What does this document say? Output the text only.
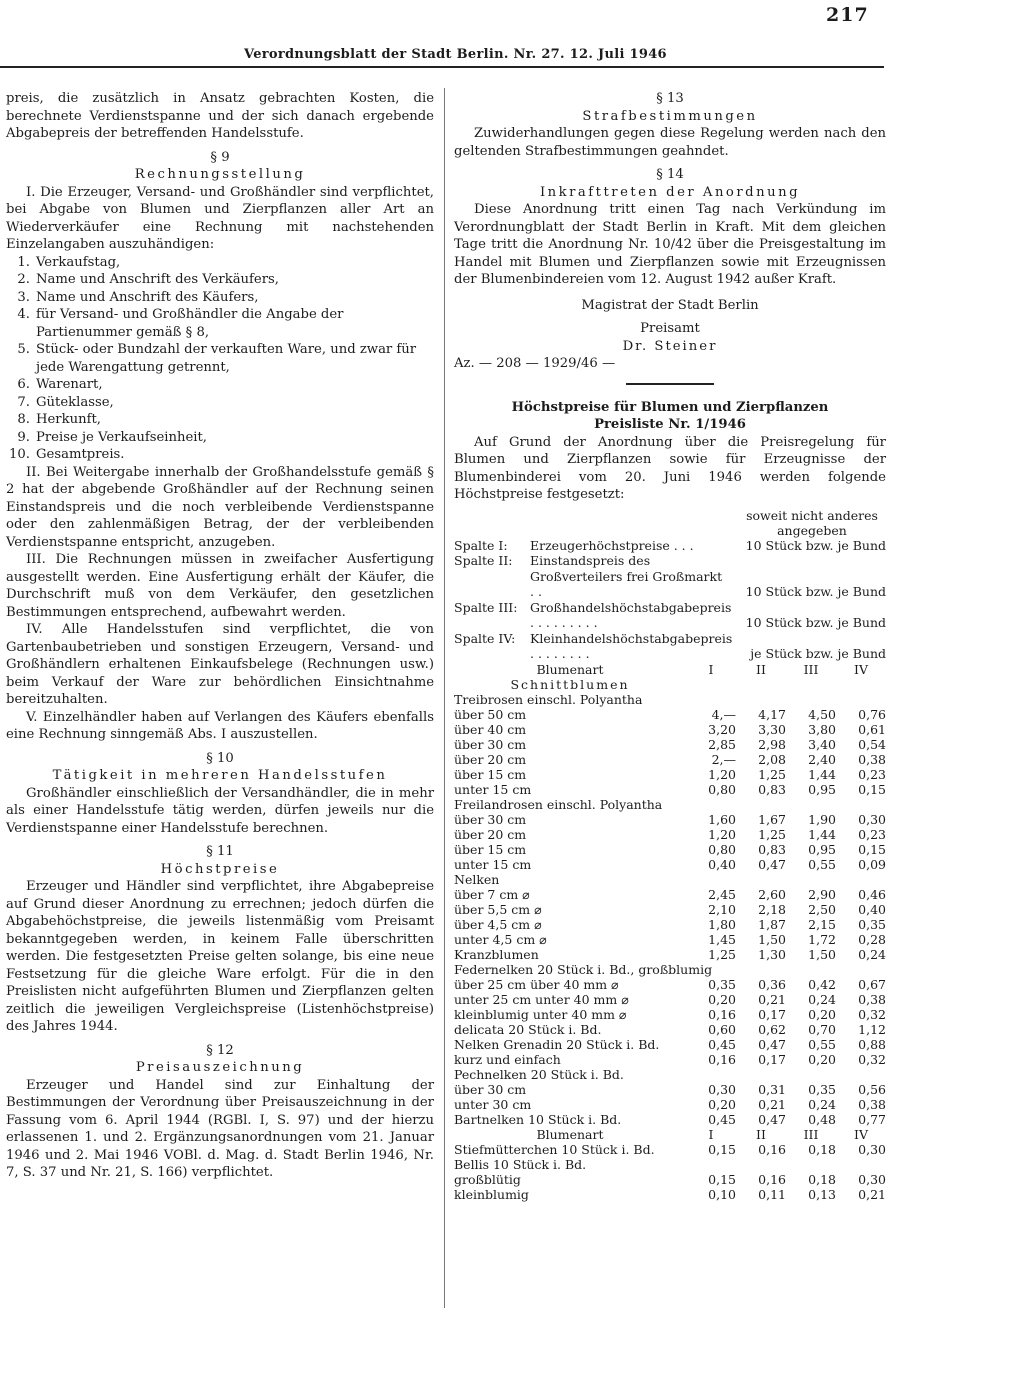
217
Verordnungsblatt der Stadt Berlin. Nr. 27. 12. Juli 1946

preis, die zusätzlich in Ansatz gebrachten Kosten, die berechnete Verdienstspanne und der sich danach ergebende Abgabepreis der betreffenden Handelsstufe.

§ 9

Rechnungsstellung

I. Die Erzeuger, Versand- und Großhändler sind verpflichtet, bei Abgabe von Blumen und Zierpflanzen aller Art an Wiederverkäufer eine Rechnung mit nachstehenden Einzelangaben auszuhändigen:

1. Verkaufstag,
2. Name und Anschrift des Verkäufers,
3. Name und Anschrift des Käufers,
4. für Versand- und Großhändler die Angabe der Partienummer gemäß § 8,
5. Stück- oder Bundzahl der verkauften Ware, und zwar für jede Warengattung getrennt,
6. Warenart,
7. Güteklasse,
8. Herkunft,
9. Preise je Verkaufseinheit,
10. Gesamtpreis.

II. Bei Weitergabe innerhalb der Großhandelsstufe gemäß § 2 hat der abgebende Großhändler auf der Rechnung seinen Einstandspreis und die noch verbleibende Verdienstspanne oder den zahlenmäßigen Betrag, der der verbleibenden Verdienstspanne entspricht, anzugeben.

III. Die Rechnungen müssen in zweifacher Ausfertigung ausgestellt werden. Eine Ausfertigung erhält der Käufer, die Durchschrift muß von dem Verkäufer, den gesetzlichen Bestimmungen entsprechend, aufbewahrt werden.

IV. Alle Handelsstufen sind verpflichtet, die von Gartenbaubetrieben und sonstigen Erzeugern, Versand- und Großhändlern erhaltenen Einkaufsbelege (Rechnungen usw.) beim Verkauf der Ware zur behördlichen Einsichtnahme bereitzuhalten.

V. Einzelhändler haben auf Verlangen des Käufers ebenfalls eine Rechnung sinngemäß Abs. I auszustellen.

§ 10

Tätigkeit in mehreren Handelsstufen

Großhändler einschließlich der Versandhändler, die in mehr als einer Handelsstufe tätig werden, dürfen jeweils nur die Verdienstspanne einer Handelsstufe berechnen.

§ 11

Höchstpreise

Erzeuger und Händler sind verpflichtet, ihre Abgabepreise auf Grund dieser Anordnung zu errechnen; jedoch dürfen die Abgabehöchstpreise, die jeweils listenmäßig vom Preisamt bekanntgegeben werden, in keinem Falle überschritten werden. Die festgesetzten Preise gelten solange, bis eine neue Festsetzung für die gleiche Ware erfolgt. Für die in den Preislisten nicht aufgeführten Blumen und Zierpflanzen gelten zeitlich die jeweiligen Vergleichspreise (Listenhöchstpreise) des Jahres 1944.

§ 12

Preisauszeichnung

Erzeuger und Handel sind zur Einhaltung der Bestimmungen der Verordnung über Preisauszeichnung in der Fassung vom 6. April 1944 (RGBl. I, S. 97) und der hierzu erlassenen 1. und 2. Ergänzungsanordnungen vom 21. Januar 1946 und 2. Mai 1946 VOBl. d. Mag. d. Stadt Berlin 1946, Nr. 7, S. 37 und Nr. 21, S. 166) verpflichtet.

§ 13

Strafbestimmungen

Zuwiderhandlungen gegen diese Regelung werden nach den geltenden Strafbestimmungen geahndet.

§ 14

Inkrafttreten der Anordnung

Diese Anordnung tritt einen Tag nach Verkündung im Verordnungblatt der Stadt Berlin in Kraft. Mit dem gleichen Tage tritt die Anordnung Nr. 10/42 über die Preisgestaltung im Handel mit Blumen und Zierpflanzen sowie mit Erzeugnissen der Blumenbindereien vom 12. August 1942 außer Kraft.

Magistrat der Stadt Berlin

Preisamt

Dr. Steiner

Az. — 208 — 1929/46 —

Höchstpreise für Blumen und Zierpflanzen

Preisliste Nr. 1/1946

Auf Grund der Anordnung über die Preisregelung für Blumen und Zierpflanzen sowie für Erzeugnisse der Blumenbinderei vom 20. Juni 1946 werden folgende Höchstpreise festgesetzt:

soweit nicht anderes angegeben

Spalte I:	Erzeugerhöchstpreise . . .	10 Stück bzw. je Bund
Spalte II:	Einstandspreis des Großverteilers frei Großmarkt . .	10 Stück bzw. je Bund
Spalte III:	Großhandelshöchstabgabepreis . . . . . . . . .	10 Stück bzw. je Bund
Spalte IV:	Kleinhandelshöchstabgabepreis . . . . . . . .	je Stück bzw. je Bund
Blumenart	I	II	III	IV
Schnittblumen				
Treibrosen einschl. Polyantha				
über 50 cm	4,—	4,17	4,50	0,76
über 40 cm	3,20	3,30	3,80	0,61
über 30 cm	2,85	2,98	3,40	0,54
über 20 cm	2,—	2,08	2,40	0,38
über 15 cm	1,20	1,25	1,44	0,23
unter 15 cm	0,80	0,83	0,95	0,15
Freilandrosen einschl. Polyantha				
über 30 cm	1,60	1,67	1,90	0,30
über 20 cm	1,20	1,25	1,44	0,23
über 15 cm	0,80	0,83	0,95	0,15
unter 15 cm	0,40	0,47	0,55	0,09
Nelken				
über 7 cm ⌀	2,45	2,60	2,90	0,46
über 5,5 cm ⌀	2,10	2,18	2,50	0,40
über 4,5 cm ⌀	1,80	1,87	2,15	0,35
unter 4,5 cm ⌀	1,45	1,50	1,72	0,28
Kranzblumen	1,25	1,30	1,50	0,24
Federnelken 20 Stück i. Bd., großblumig				
über 25 cm über 40 mm ⌀	0,35	0,36	0,42	0,67
unter 25 cm unter 40 mm ⌀	0,20	0,21	0,24	0,38
kleinblumig unter 40 mm ⌀	0,16	0,17	0,20	0,32
delicata 20 Stück i. Bd.	0,60	0,62	0,70	1,12
Nelken Grenadin 20 Stück i. Bd.	0,45	0,47	0,55	0,88
kurz und einfach	0,16	0,17	0,20	0,32
Pechnelken 20 Stück i. Bd.				
über 30 cm	0,30	0,31	0,35	0,56
unter 30 cm	0,20	0,21	0,24	0,38
Bartnelken 10 Stück i. Bd.	0,45	0,47	0,48	0,77
Blumenart	I	II	III	IV
Stiefmütterchen 10 Stück i. Bd.	0,15	0,16	0,18	0,30
Bellis 10 Stück i. Bd.				
großblütig	0,15	0,16	0,18	0,30
kleinblumig	0,10	0,11	0,13	0,21
